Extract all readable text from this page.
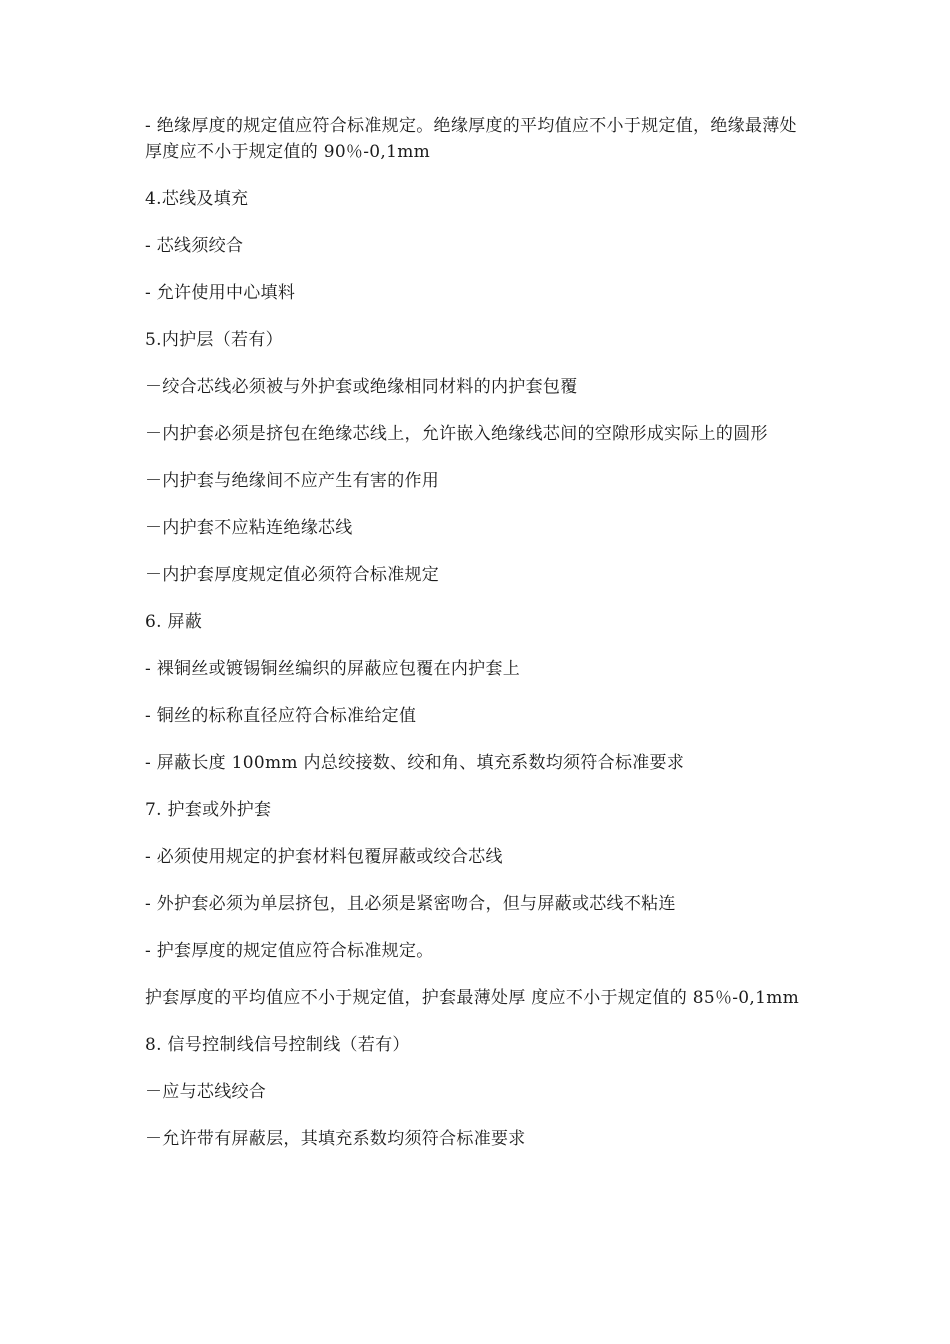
- 绝缘厚度的规定值应符合标准规定。绝缘厚度的平均值应不小于规定值，绝缘最薄处厚度应不小于规定值的 90％-0,1mm

4.芯线及填充

- 芯线须绞合

- 允许使用中心填料

5.内护层（若有）

－绞合芯线必须被与外护套或绝缘相同材料的内护套包覆

－内护套必须是挤包在绝缘芯线上，允许嵌入绝缘线芯间的空隙形成实际上的圆形

－内护套与绝缘间不应产生有害的作用

－内护套不应粘连绝缘芯线

－内护套厚度规定值必须符合标准规定

6. 屏蔽

- 裸铜丝或镀锡铜丝编织的屏蔽应包覆在内护套上

- 铜丝的标称直径应符合标准给定值

- 屏蔽长度 100mm 内总绞接数、绞和角、填充系数均须符合标准要求

7. 护套或外护套

- 必须使用规定的护套材料包覆屏蔽或绞合芯线

- 外护套必须为单层挤包，且必须是紧密吻合，但与屏蔽或芯线不粘连

- 护套厚度的规定值应符合标准规定。

护套厚度的平均值应不小于规定值，护套最薄处厚 度应不小于规定值的 85％-0,1mm

8. 信号控制线信号控制线（若有）

－应与芯线绞合

－允许带有屏蔽层，其填充系数均须符合标准要求
